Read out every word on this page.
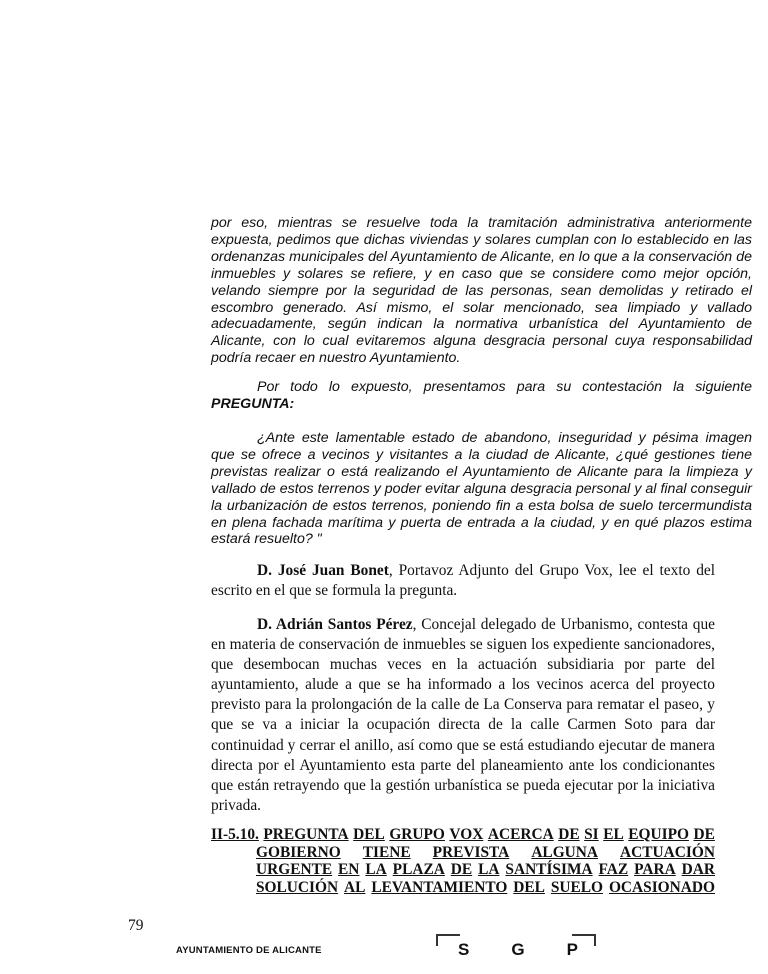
por eso, mientras se resuelve toda la tramitación administrativa anteriormente expuesta, pedimos que dichas viviendas y solares cumplan con lo establecido en las ordenanzas municipales del Ayuntamiento de Alicante, en lo que a la conservación de inmuebles y solares se refiere, y en caso que se considere como mejor opción, velando siempre por la seguridad de las personas, sean demolidas y retirado el escombro generado. Así mismo, el solar mencionado, sea limpiado y vallado adecuadamente, según indican la normativa urbanística del Ayuntamiento de Alicante, con lo cual evitaremos alguna desgracia personal cuya responsabilidad podría recaer en nuestro Ayuntamiento.

Por todo lo expuesto, presentamos para su contestación la siguiente PREGUNTA:

¿Ante este lamentable estado de abandono, inseguridad y pésima imagen que se ofrece a vecinos y visitantes a la ciudad de Alicante, ¿qué gestiones tiene previstas realizar o está realizando el Ayuntamiento de Alicante para la limpieza y vallado de estos terrenos y poder evitar alguna desgracia personal y al final conseguir la urbanización de estos terrenos, poniendo fin a esta bolsa de suelo tercermundista en plena fachada marítima y puerta de entrada a la ciudad, y en qué plazos estima estará resuelto? "

D. José Juan Bonet, Portavoz Adjunto del Grupo Vox, lee el texto del escrito en el que se formula la pregunta.

D. Adrián Santos Pérez, Concejal delegado de Urbanismo, contesta que en materia de conservación de inmuebles se siguen los expediente sancionadores, que desembocan muchas veces en la actuación subsidiaria por parte del ayuntamiento, alude a que se ha informado a los vecinos acerca del proyecto previsto para la prolongación de la calle de La Conserva para rematar el paseo, y que se va a iniciar la ocupación directa de la calle Carmen Soto para dar continuidad y cerrar el anillo, así como que se está estudiando ejecutar de manera directa por el Ayuntamiento esta parte del planeamiento ante los condicionantes que están retrayendo que la gestión urbanística se pueda ejecutar por la iniciativa privada.

II-5.10. PREGUNTA DEL GRUPO VOX ACERCA DE SI EL EQUIPO DE
GOBIERNO TIENE PREVISTA ALGUNA ACTUACIÓN
URGENTE EN LA PLAZA DE LA SANTÍSIMA FAZ PARA DAR
SOLUCIÓN AL LEVANTAMIENTO DEL SUELO OCASIONADO
79
AYUNTAMIENTO DE ALICANTE	S G P
